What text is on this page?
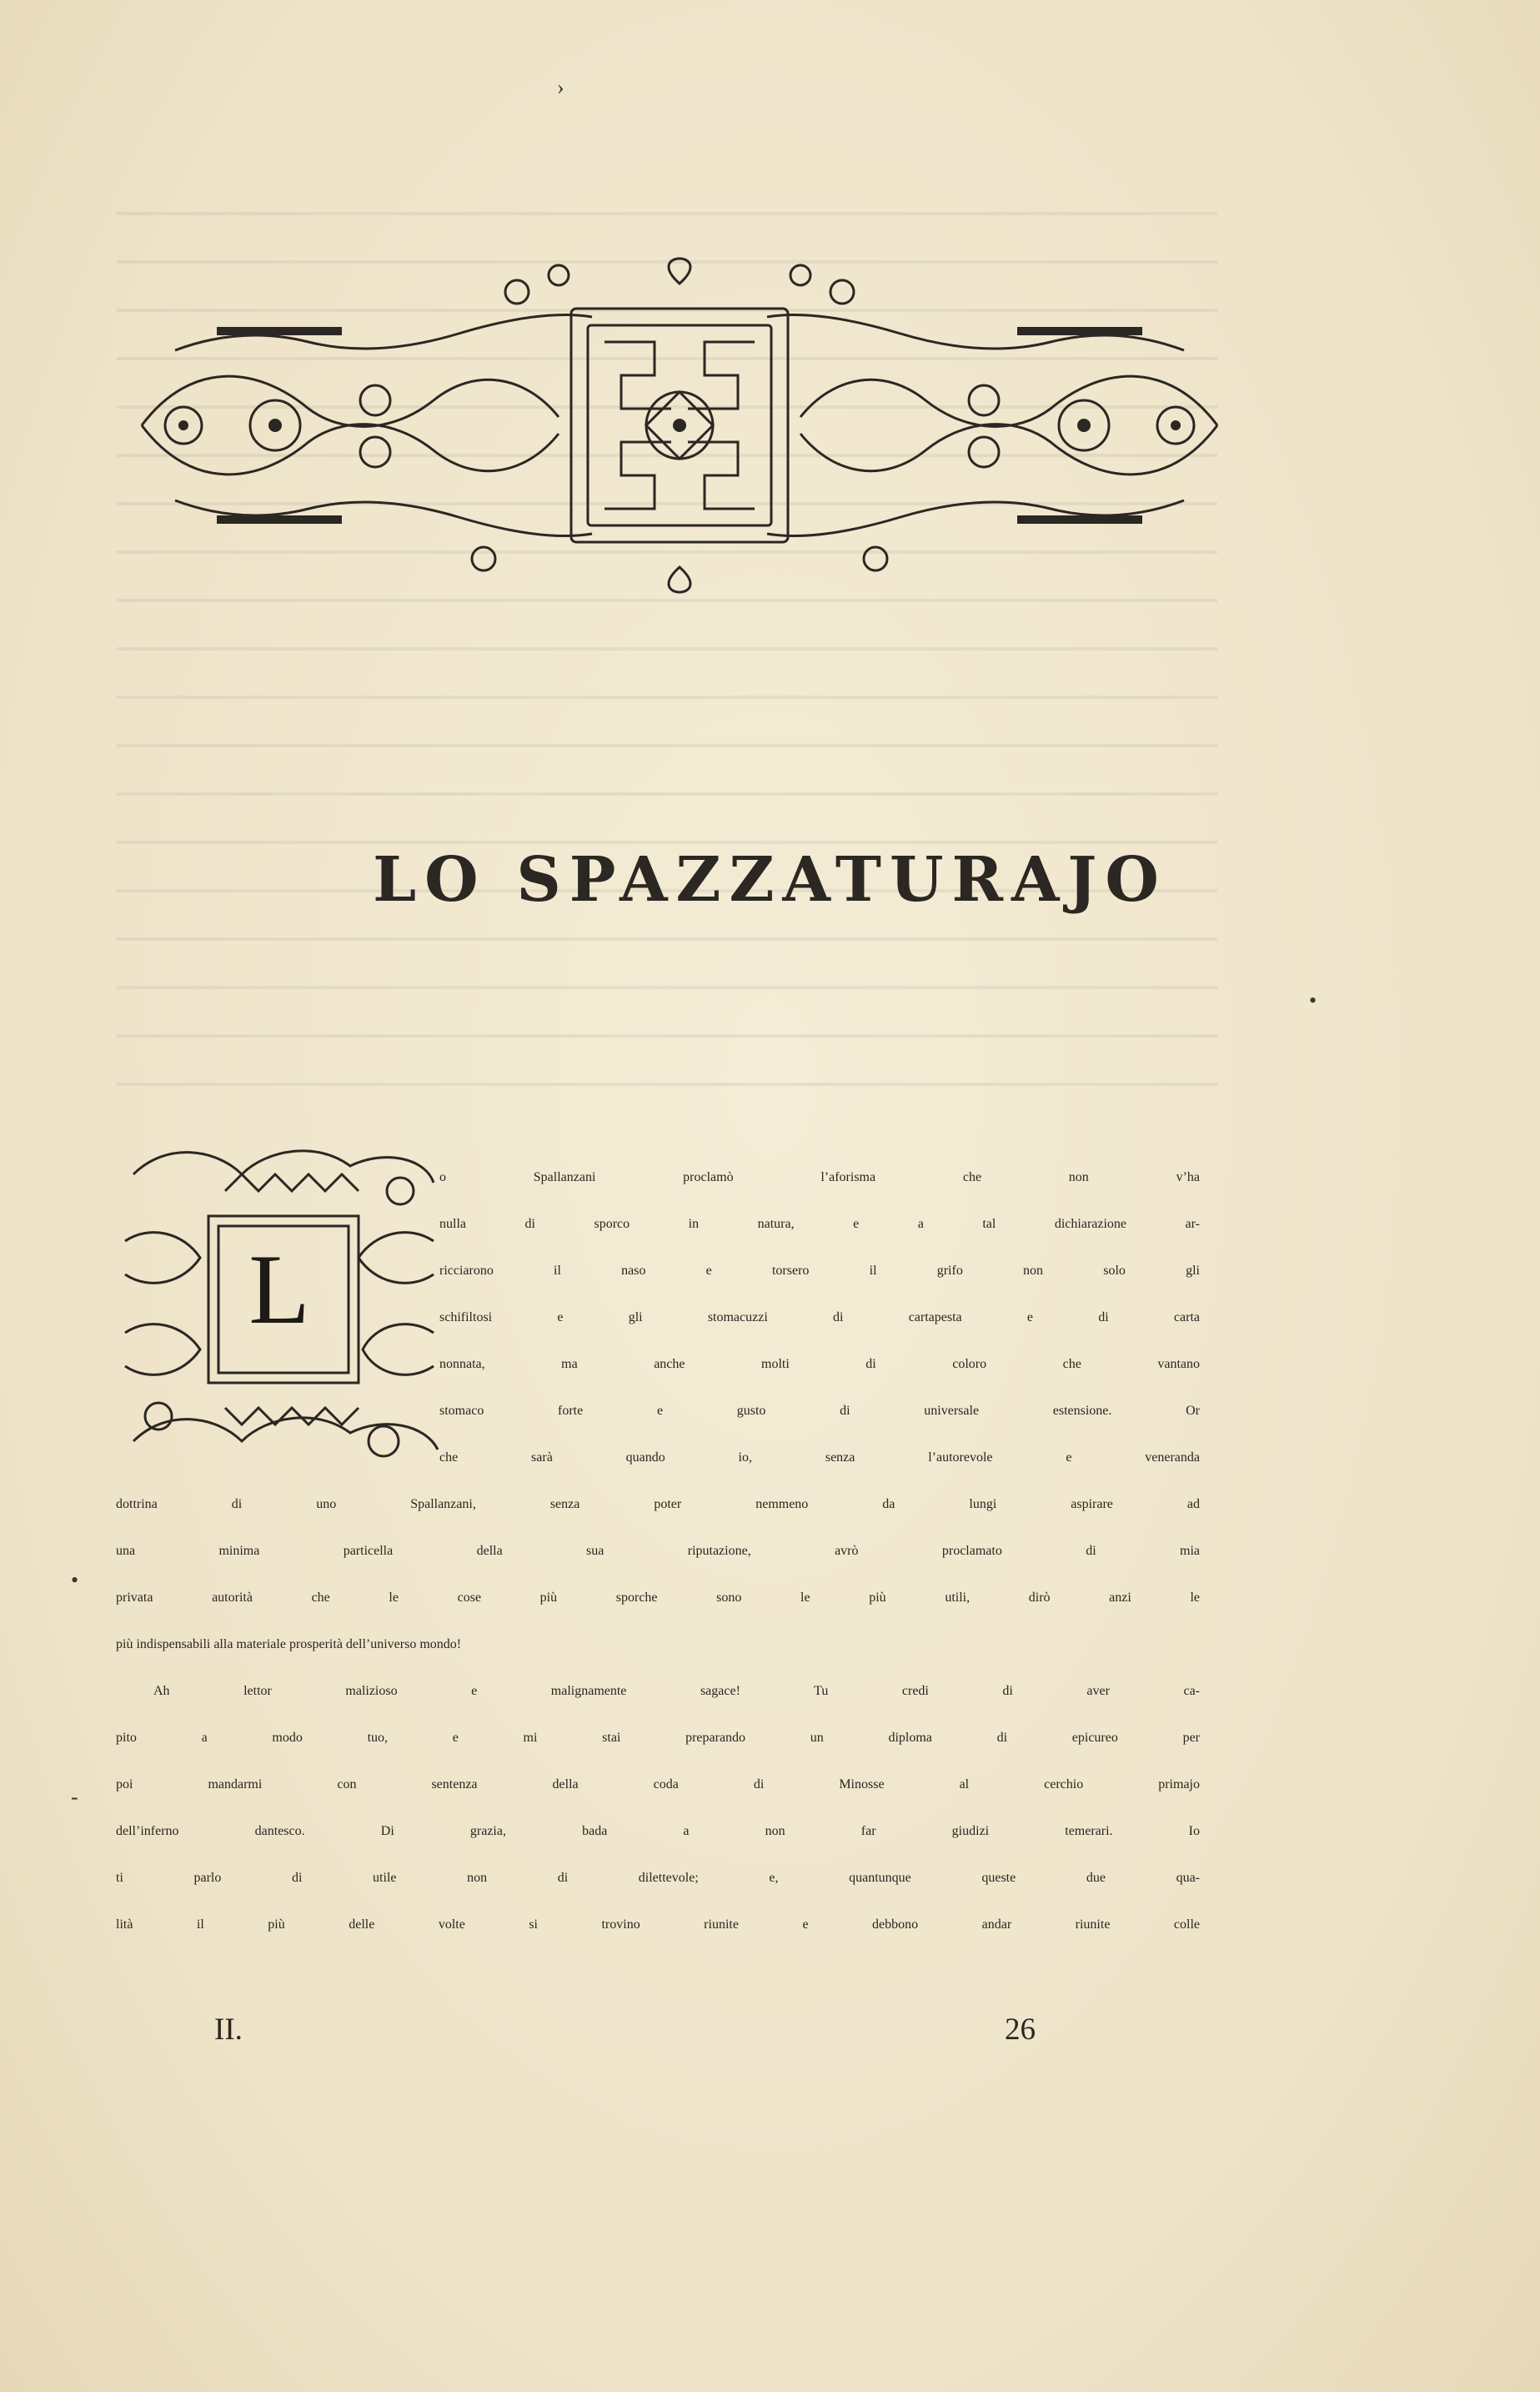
LO SPAZZATURAJO
L
o Spallanzani proclamò l’aforisma che non v’ha
nulla di sporco in natura, e a tal dichiarazione ar-
ricciarono il naso e torsero il grifo non solo gli
schifiltosi e gli stomacuzzi di cartapesta e di carta
nonnata, ma anche molti di coloro che vantano
stomaco forte e gusto di universale estensione. Or
che sarà quando io, senza l’autorevole e veneranda
dottrina di uno Spallanzani, senza poter nemmeno da lungi aspirare ad
una minima particella della sua riputazione, avrò proclamato di mia
privata autorità che le cose più sporche sono le più utili, dirò anzi le
più indispensabili alla materiale prosperità dell’universo mondo!
Ah lettor malizioso e malignamente sagace! Tu credi di aver ca-
pito a modo tuo, e mi stai preparando un diploma di epicureo per
poi mandarmi con sentenza della coda di Minosse al cerchio primajo
dell’inferno dantesco. Di grazia, bada a non far giudizi temerari. Io
ti parlo di utile non di dilettevole; e, quantunque queste due qua-
lità il più delle volte si trovino riunite e debbono andar riunite colle
II.	26
›
•
•
-
